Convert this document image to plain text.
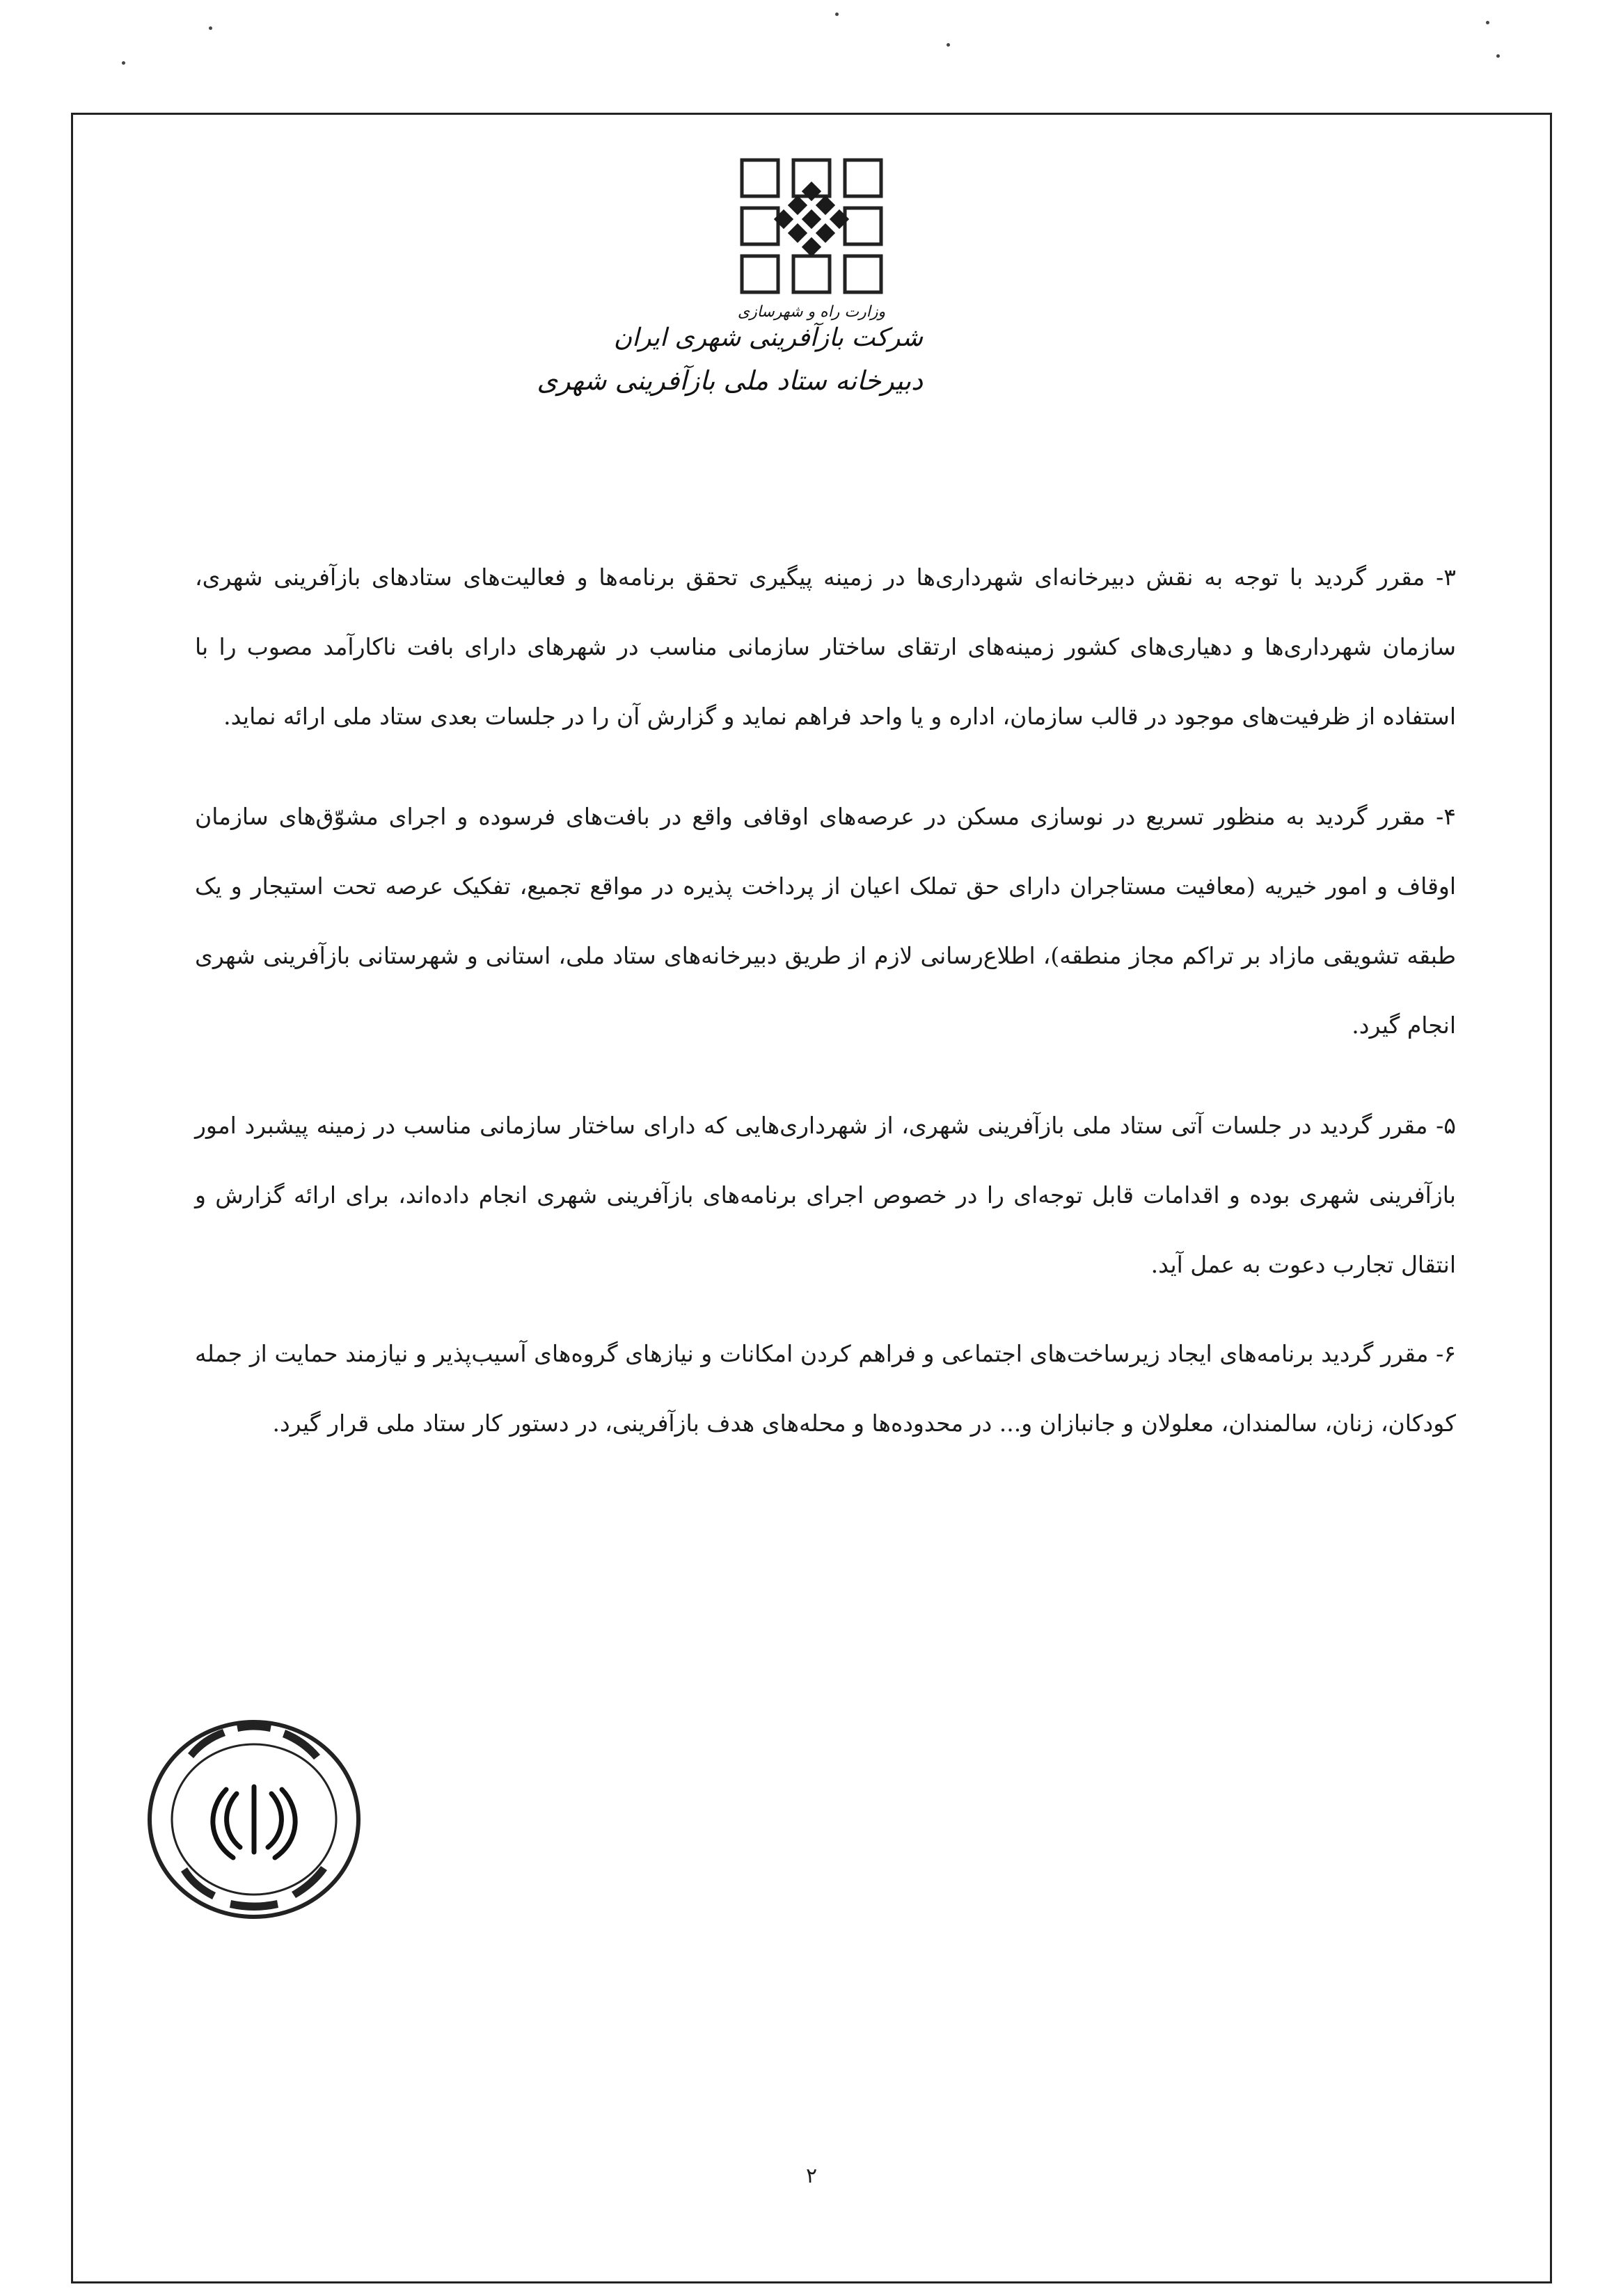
وزارت راه و شهرسازی
شرکت بازآفرینی شهری ایران
دبیرخانه ستاد ملی بازآفرینی شهری

۳- مقرر گردید با توجه به نقش دبیرخانه‌ای شهرداری‌ها در زمینه پیگیری تحقق برنامه‌ها و فعالیت‌های ستادهای بازآفرینی شهری، سازمان شهرداری‌ها و دهیاری‌های کشور زمینه‌های ارتقای ساختار سازمانی مناسب در شهرهای دارای بافت ناکارآمد مصوب را با استفاده از ظرفیت‌های موجود در قالب سازمان، اداره و یا واحد فراهم نماید و گزارش آن را در جلسات بعدی ستاد ملی ارائه نماید.

۴- مقرر گردید به منظور تسریع در نوسازی مسکن در عرصه‌های اوقافی واقع در بافت‌های فرسوده و اجرای مشوّق‌های سازمان اوقاف و امور خیریه (معافیت مستاجران دارای حق تملک اعیان از پرداخت پذیره در مواقع تجمیع، تفکیک عرصه تحت استیجار و یک طبقه تشویقی مازاد بر تراکم مجاز منطقه)، اطلاع‌رسانی لازم از طریق دبیرخانه‌های ستاد ملی، استانی و شهرستانی بازآفرینی شهری انجام گیرد.

۵- مقرر گردید در جلسات آتی ستاد ملی بازآفرینی شهری، از شهرداری‌هایی که دارای ساختار سازمانی مناسب در زمینه پیشبرد امور بازآفرینی شهری بوده و اقدامات قابل توجه‌ای را در خصوص اجرای برنامه‌های بازآفرینی شهری انجام داده‌اند، برای ارائه گزارش و انتقال تجارب دعوت به عمل آید.

۶- مقرر گردید برنامه‌های ایجاد زیرساخت‌های اجتماعی و فراهم کردن امکانات و نیازهای گروه‌های آسیب‌پذیر و نیازمند حمایت از جمله کودکان، زنان، سالمندان، معلولان و جانبازان و... در محدوده‌ها و محله‌های هدف بازآفرینی، در دستور کار ستاد ملی قرار گیرد.

۲
